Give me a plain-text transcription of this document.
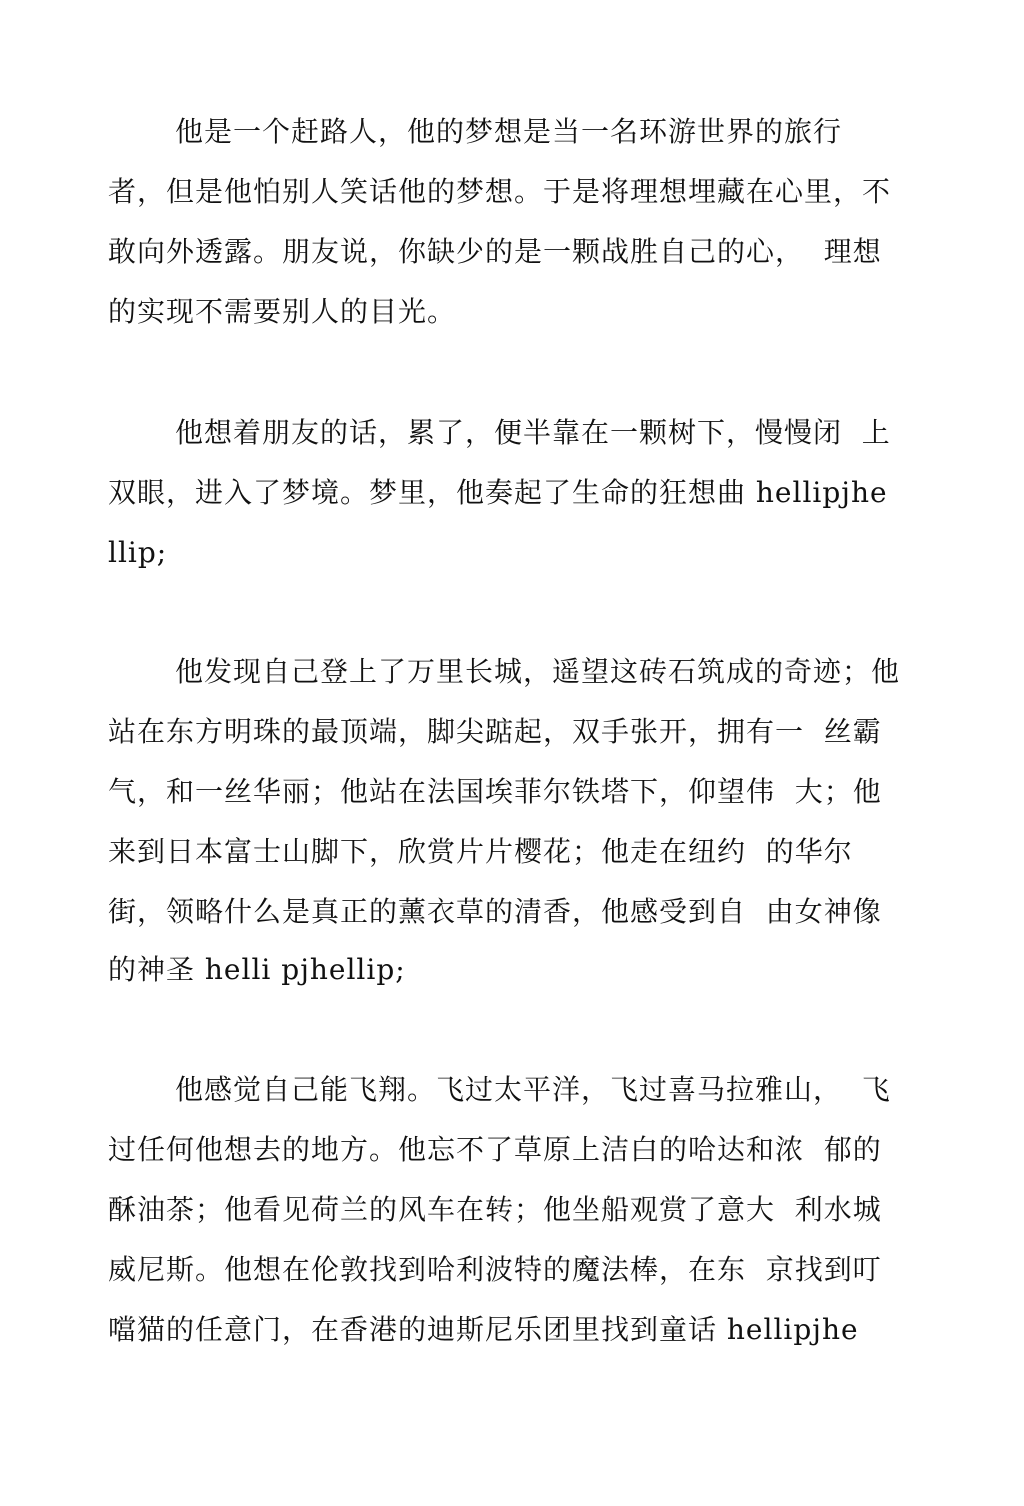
他是一个赶路人，他的梦想是当一名环游世界的旅行
者，但是他怕别人笑话他的梦想。于是将理想埋藏在心里，不
敢向外透露。朋友说，你缺少的是一颗战胜自己的心，  理想
的实现不需要别人的目光。
他想着朋友的话，累了，便半靠在一颗树下，慢慢闭  上
双眼，进入了梦境。梦里，他奏起了生命的狂想曲 hellipjhe
llip;
他发现自己登上了万里长城，遥望这砖石筑成的奇迹；他
站在东方明珠的最顶端，脚尖踮起，双手张开，拥有一  丝霸
气，和一丝华丽；他站在法国埃菲尔铁塔下，仰望伟  大；他
来到日本富士山脚下，欣赏片片樱花；他走在纽约  的华尔
街，领略什么是真正的薰衣草的清香，他感受到自  由女神像
的神圣 helli pjhellip;
他感觉自己能飞翔。飞过太平洋，飞过喜马拉雅山，  飞
过任何他想去的地方。他忘不了草原上洁白的哈达和浓  郁的
酥油茶；他看见荷兰的风车在转；他坐船观赏了意大  利水城
威尼斯。他想在伦敦找到哈利波特的魔法棒，在东  京找到叮
噹猫的任意门，在香港的迪斯尼乐团里找到童话 hellipjhe
